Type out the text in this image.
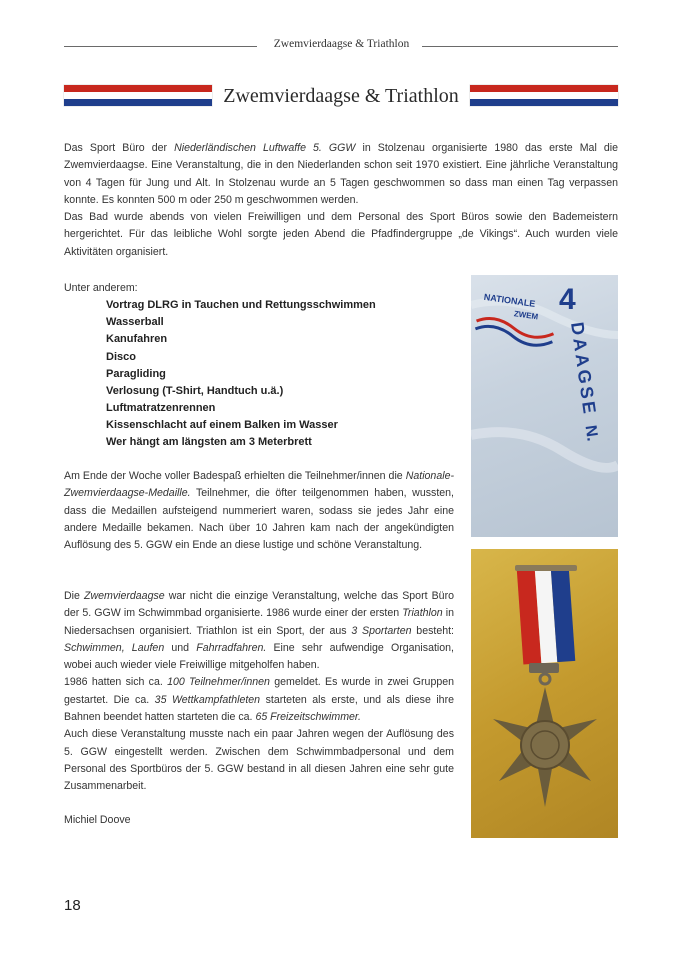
Zwemvierdaagse & Triathlon
Zwemvierdaagse & Triathlon

Das Sport Büro der Niederländischen Luftwaffe 5. GGW in Stolzenau organisierte 1980 das erste Mal die Zwemvierdaagse. Eine Veranstaltung, die in den Niederlanden schon seit 1970 existiert. Eine jährliche Veranstaltung von 4 Tagen für Jung und Alt. In Stolzenau wurde an 5 Tagen geschwommen so dass man einen Tag verpassen konnte. Es konnten 500 m oder 250 m geschwommen werden.

Das Bad wurde abends von vielen Freiwilligen und dem Personal des Sport Büros sowie den Bademeistern hergerichtet. Für das leibliche Wohl sorgte jeden Abend die Pfadfindergruppe „de Vikings“. Auch wurden viele Aktivitäten organisiert.

Unter anderem:

Vortrag DLRG in Tauchen und Rettungsschwimmen
Wasserball
Kanufahren
Disco
Paragliding
Verlosung (T-Shirt, Handtuch u.ä.)
Luftmatratzenrennen
Kissenschlacht auf einem Balken im Wasser
Wer hängt am längsten am 3 Meterbrett

Am Ende der Woche voller Badespaß erhielten die Teilnehmer/innen die Nationale-Zwemvierdaagse-Medaille. Teilnehmer, die öfter teilgenommen haben, wussten, dass die Medaillen aufsteigend nummeriert waren, sodass sie jedes Jahr eine andere Medaille bekamen. Nach über 10 Jahren kam nach der angekündigten Auflösung des 5. GGW ein Ende an diese lustige und schöne Veranstaltung.

Die Zwemvierdaagse war nicht die einzige Veranstaltung, welche das Sport Büro der 5. GGW im Schwimmbad organisierte. 1986 wurde einer der ersten Triathlon in Niedersachsen organisiert. Triathlon ist ein Sport, der aus 3 Sportarten besteht: Schwimmen, Laufen und Fahrradfahren. Eine sehr aufwendige Organisation, wobei auch wieder viele Freiwillige mitgeholfen haben.

1986 hatten sich ca. 100 Teilnehmer/innen gemeldet. Es wurde in zwei Gruppen gestartet. Die ca. 35 Wettkampfathleten starteten als erste, und als diese ihre Bahnen beendet hatten starteten die ca. 65 Freizeitschwimmer.

Auch diese Veranstaltung musste nach ein paar Jahren wegen der Auflösung des 5. GGW eingestellt werden. Zwischen dem Schwimmbadpersonal und dem Personal des Sportbüros der 5. GGW bestand in all diesen Jahren eine sehr gute Zusammenarbeit.

Michiel Doove
18
NATIONALE
ZWEM 4
DAAGSE
N.
